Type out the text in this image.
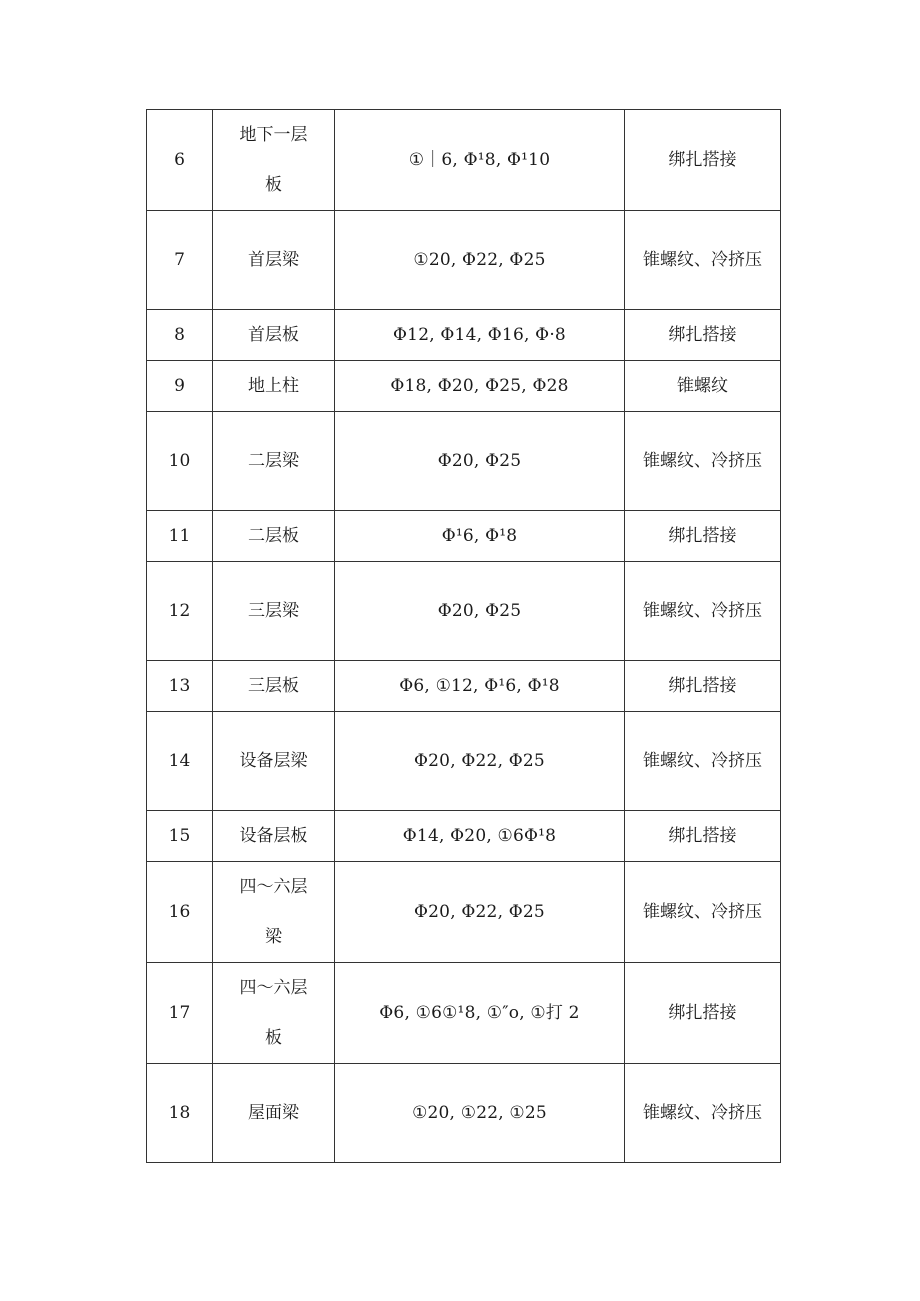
6	地下一层板	①｜6, Φ¹8, Φ¹10	绑扎搭接

7	首层梁	①20, Φ22, Φ25	锥螺纹、冷挤压

8	首层板	Φ12, Φ14, Φ16, Φ·8	绑扎搭接

9	地上柱	Φ18, Φ20, Φ25, Φ28	锥螺纹

10	二层梁	Φ20, Φ25	锥螺纹、冷挤压

11	二层板	Φ¹6, Φ¹8	绑扎搭接

12	三层梁	Φ20, Φ25	锥螺纹、冷挤压

13	三层板	Φ6, ①12, Φ¹6, Φ¹8	绑扎搭接

14	设备层梁	Φ20, Φ22, Φ25	锥螺纹、冷挤压

15	设备层板	Φ14, Φ20, ①6Φ¹8	绑扎搭接

16	四～六层梁	Φ20, Φ22, Φ25	锥螺纹、冷挤压

17	四～六层板	Φ6, ①6①¹8, ①″o, ①打 2	绑扎搭接

18	屋面梁	①20, ①22, ①25	锥螺纹、冷挤压
